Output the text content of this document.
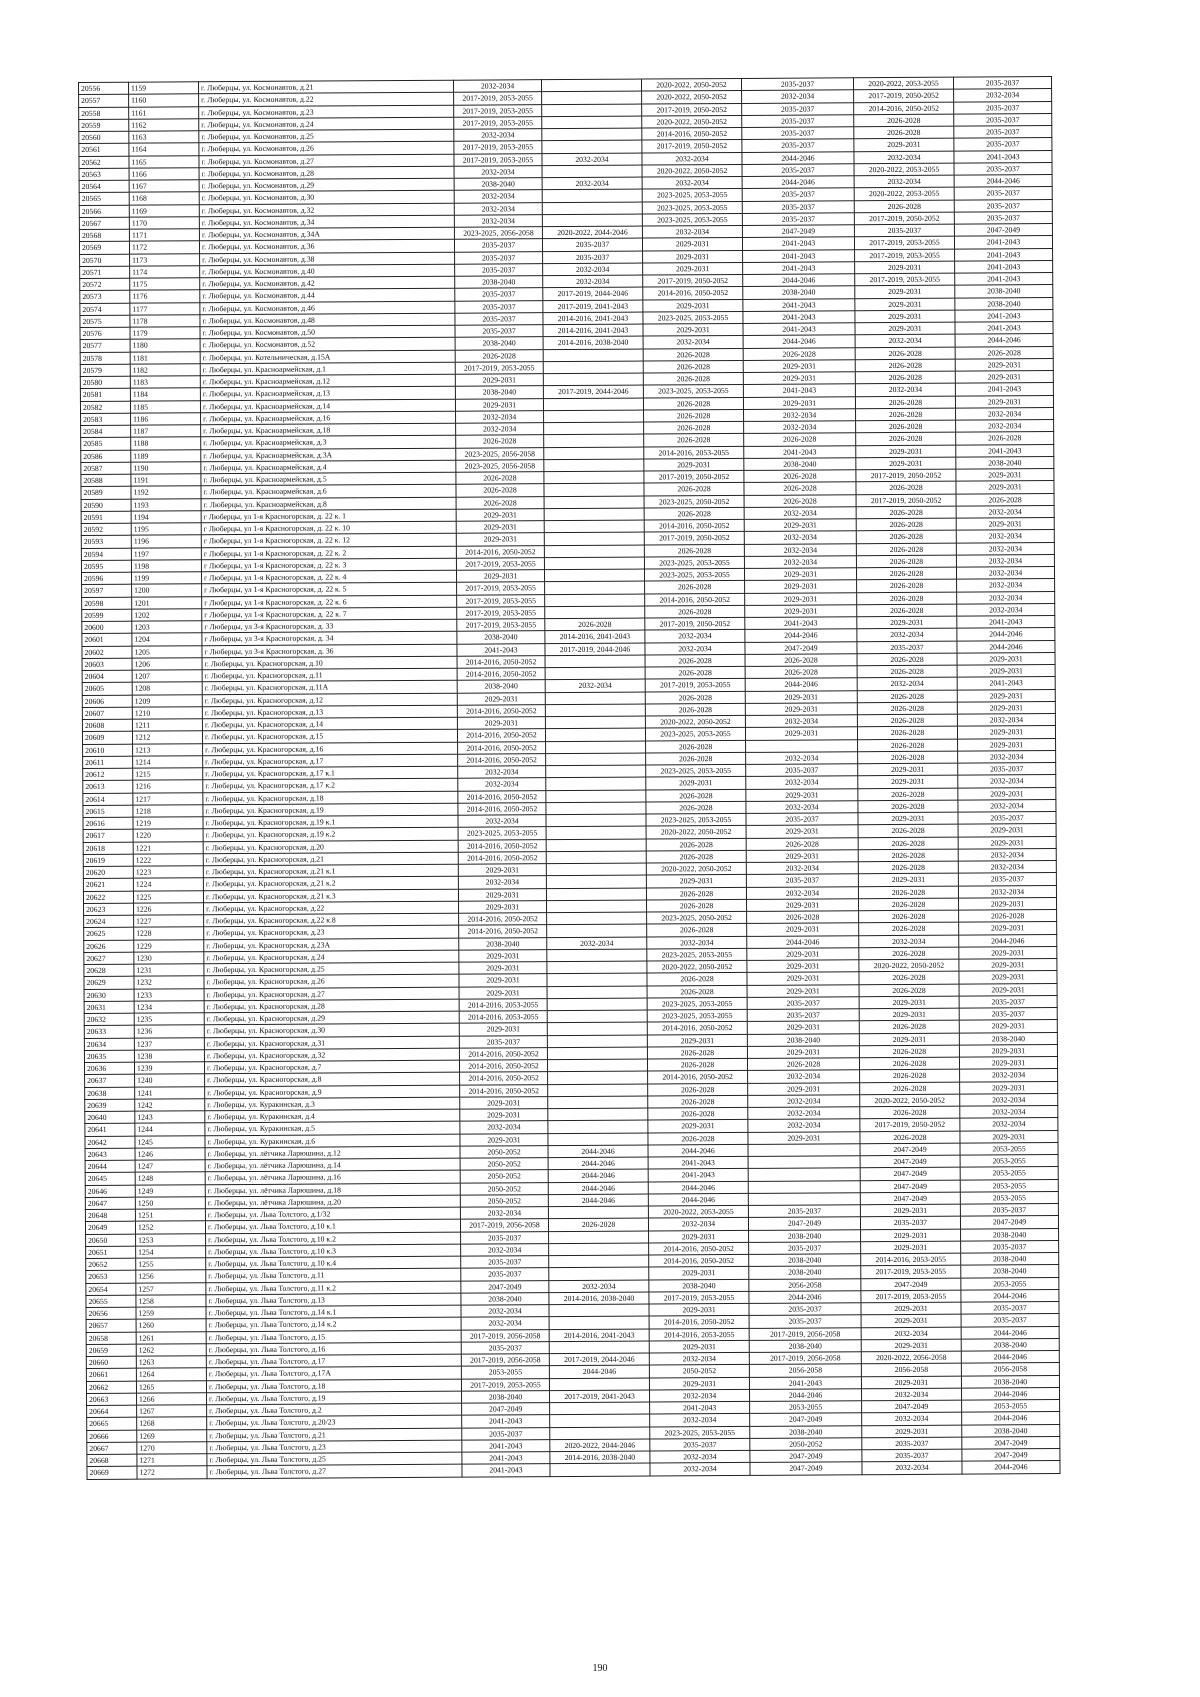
20556	1159	г. Люберцы, ул. Космонавтов, д.21	2032-2034		2020-2022, 2050-2052	2035-2037	2020-2022, 2053-2055	2035-2037
20557	1160	г. Люберцы, ул. Космонавтов, д.22	2017-2019, 2053-2055		2020-2022, 2050-2052	2032-2034	2017-2019, 2050-2052	2032-2034
20558	1161	г. Люберцы, ул. Космонавтов, д.23	2017-2019, 2053-2055		2017-2019, 2050-2052	2035-2037	2014-2016, 2050-2052	2035-2037
20559	1162	г. Люберцы, ул. Космонавтов, д.24	2017-2019, 2053-2055		2020-2022, 2050-2052	2035-2037	2026-2028	2035-2037
20560	1163	г. Люберцы, ул. Космонавтов, д.25	2032-2034		2014-2016, 2050-2052	2035-2037	2026-2028	2035-2037
20561	1164	г. Люберцы, ул. Космонавтов, д.26	2017-2019, 2053-2055		2017-2019, 2050-2052	2035-2037	2029-2031	2035-2037
20562	1165	г. Люберцы, ул. Космонавтов, д.27	2017-2019, 2053-2055	2032-2034	2032-2034	2044-2046	2032-2034	2041-2043
20563	1166	г. Люберцы, ул. Космонавтов, д.28	2032-2034		2020-2022, 2050-2052	2035-2037	2020-2022, 2053-2055	2035-2037
20564	1167	г. Люберцы, ул. Космонавтов, д.29	2038-2040	2032-2034	2032-2034	2044-2046	2032-2034	2044-2046
20565	1168	г. Люберцы, ул. Космонавтов, д.30	2032-2034		2023-2025, 2053-2055	2035-2037	2020-2022, 2053-2055	2035-2037
20566	1169	г. Люберцы, ул. Космонавтов, д.32	2032-2034		2023-2025, 2053-2055	2035-2037	2026-2028	2035-2037
20567	1170	г. Люберцы, ул. Космонавтов, д.34	2032-2034		2023-2025, 2053-2055	2035-2037	2017-2019, 2050-2052	2035-2037
20568	1171	г. Люберцы, ул. Космонавтов, д.34А	2023-2025, 2056-2058	2020-2022, 2044-2046	2032-2034	2047-2049	2035-2037	2047-2049
20569	1172	г. Люберцы, ул. Космонавтов, д.36	2035-2037	2035-2037	2029-2031	2041-2043	2017-2019, 2053-2055	2041-2043
20570	1173	г. Люберцы, ул. Космонавтов, д.38	2035-2037	2035-2037	2029-2031	2041-2043	2017-2019, 2053-2055	2041-2043
20571	1174	г. Люберцы, ул. Космонавтов, д.40	2035-2037	2032-2034	2029-2031	2041-2043	2029-2031	2041-2043
20572	1175	г. Люберцы, ул. Космонавтов, д.42	2038-2040	2032-2034	2017-2019, 2050-2052	2044-2046	2017-2019, 2053-2055	2041-2043
20573	1176	г. Люберцы, ул. Космонавтов, д.44	2035-2037	2017-2019, 2044-2046	2014-2016, 2050-2052	2038-2040	2029-2031	2038-2040
20574	1177	г. Люберцы, ул. Космонавтов, д.46	2035-2037	2017-2019, 2041-2043	2029-2031	2041-2043	2029-2031	2038-2040
20575	1178	г. Люберцы, ул. Космонавтов, д.48	2035-2037	2014-2016, 2041-2043	2023-2025, 2053-2055	2041-2043	2029-2031	2041-2043
20576	1179	г. Люберцы, ул. Космонавтов, д.50	2035-2037	2014-2016, 2041-2043	2029-2031	2041-2043	2029-2031	2041-2043
20577	1180	г. Люберцы, ул. Космонавтов, д.52	2038-2040	2014-2016, 2038-2040	2032-2034	2044-2046	2032-2034	2044-2046
20578	1181	г. Люберцы, ул. Котельническая, д.15А	2026-2028		2026-2028	2026-2028	2026-2028	2026-2028
20579	1182	г. Люберцы, ул. Красноармейская, д.1	2017-2019, 2053-2055		2026-2028	2029-2031	2026-2028	2029-2031
20580	1183	г. Люберцы, ул. Красноармейская, д.12	2029-2031		2026-2028	2029-2031	2026-2028	2029-2031
20581	1184	г. Люберцы, ул. Красноармейская, д.13	2038-2040	2017-2019, 2044-2046	2023-2025, 2053-2055	2041-2043	2032-2034	2041-2043
20582	1185	г. Люберцы, ул. Красноармейская, д.14	2029-2031		2026-2028	2029-2031	2026-2028	2029-2031
20583	1186	г. Люберцы, ул. Красноармейская, д.16	2032-2034		2026-2028	2032-2034	2026-2028	2032-2034
20584	1187	г. Люберцы, ул. Красноармейская, д.18	2032-2034		2026-2028	2032-2034	2026-2028	2032-2034
20585	1188	г. Люберцы, ул. Красноармейская, д.3	2026-2028		2026-2028	2026-2028	2026-2028	2026-2028
20586	1189	г. Люберцы, ул. Красноармейская, д.3А	2023-2025, 2056-2058		2014-2016, 2053-2055	2041-2043	2029-2031	2041-2043
20587	1190	г. Люберцы, ул. Красноармейская, д.4	2023-2025, 2056-2058		2029-2031	2038-2040	2029-2031	2038-2040
20588	1191	г. Люберцы, ул. Красноармейская, д.5	2026-2028		2017-2019, 2050-2052	2026-2028	2017-2019, 2050-2052	2029-2031
20589	1192	г. Люберцы, ул. Красноармейская, д.6	2026-2028		2026-2028	2026-2028	2026-2028	2029-2031
20590	1193	г. Люберцы, ул. Красноармейская, д.8	2026-2028		2023-2025, 2050-2052	2026-2028	2017-2019, 2050-2052	2026-2028
20591	1194	г Люберцы, ул 1-я Красногорская, д. 22 к. 1	2029-2031		2026-2028	2032-2034	2026-2028	2032-2034
20592	1195	г Люберцы, ул 1-я Красногорская, д. 22 к. 10	2029-2031		2014-2016, 2050-2052	2029-2031	2026-2028	2029-2031
20593	1196	г Люберцы, ул 1-я Красногорская, д. 22 к. 12	2029-2031		2017-2019, 2050-2052	2032-2034	2026-2028	2032-2034
20594	1197	г Люберцы, ул 1-я Красногорская, д. 22 к. 2	2014-2016, 2050-2052		2026-2028	2032-2034	2026-2028	2032-2034
20595	1198	г Люберцы, ул 1-я Красногорская, д. 22 к. 3	2017-2019, 2053-2055		2023-2025, 2053-2055	2032-2034	2026-2028	2032-2034
20596	1199	г Люберцы, ул 1-я Красногорская, д. 22 к. 4	2029-2031		2023-2025, 2053-2055	2029-2031	2026-2028	2032-2034
20597	1200	г Люберцы, ул 1-я Красногорская, д. 22 к. 5	2017-2019, 2053-2055		2026-2028	2029-2031	2026-2028	2032-2034
20598	1201	г Люберцы, ул 1-я Красногорская, д. 22 к. 6	2017-2019, 2053-2055		2014-2016, 2050-2052	2029-2031	2026-2028	2032-2034
20599	1202	г Люберцы, ул 1-я Красногорская, д. 22 к. 7	2017-2019, 2053-2055		2026-2028	2029-2031	2026-2028	2032-2034
20600	1203	г Люберцы, ул 3-я Красногорская, д. 33	2017-2019, 2053-2055	2026-2028	2017-2019, 2050-2052	2041-2043	2029-2031	2041-2043
20601	1204	г Люберцы, ул 3-я Красногорская, д. 34	2038-2040	2014-2016, 2041-2043	2032-2034	2044-2046	2032-2034	2044-2046
20602	1205	г Люберцы, ул 3-я Красногорская, д. 36	2041-2043	2017-2019, 2044-2046	2032-2034	2047-2049	2035-2037	2044-2046
20603	1206	г. Люберцы, ул. Красногорская, д.10	2014-2016, 2050-2052		2026-2028	2026-2028	2026-2028	2029-2031
20604	1207	г. Люберцы, ул. Красногорская, д.11	2014-2016, 2050-2052		2026-2028	2026-2028	2026-2028	2029-2031
20605	1208	г. Люберцы, ул. Красногорская, д.11А	2038-2040	2032-2034	2017-2019, 2053-2055	2044-2046	2032-2034	2041-2043
20606	1209	г. Люберцы, ул. Красногорская, д.12	2029-2031		2026-2028	2029-2031	2026-2028	2029-2031
20607	1210	г. Люберцы, ул. Красногорская, д.13	2014-2016, 2050-2052		2026-2028	2029-2031	2026-2028	2029-2031
20608	1211	г. Люберцы, ул. Красногорская, д.14	2029-2031		2020-2022, 2050-2052	2032-2034	2026-2028	2032-2034
20609	1212	г. Люберцы, ул. Красногорская, д.15	2014-2016, 2050-2052		2023-2025, 2053-2055	2029-2031	2026-2028	2029-2031
20610	1213	г. Люберцы, ул. Красногорская, д.16	2014-2016, 2050-2052		2026-2028		2026-2028	2029-2031
20611	1214	г. Люберцы, ул. Красногорская, д.17	2014-2016, 2050-2052		2026-2028	2032-2034	2026-2028	2032-2034
20612	1215	г. Люберцы, ул. Красногорская, д.17 к.1	2032-2034		2023-2025, 2053-2055	2035-2037	2029-2031	2035-2037
20613	1216	г. Люберцы, ул. Красногорская, д.17 к.2	2032-2034		2029-2031	2032-2034	2029-2031	2032-2034
20614	1217	г. Люберцы, ул. Красногорская, д.18	2014-2016, 2050-2052		2026-2028	2029-2031	2026-2028	2029-2031
20615	1218	г. Люберцы, ул. Красногорская, д.19	2014-2016, 2050-2052		2026-2028	2032-2034	2026-2028	2032-2034
20616	1219	г. Люберцы, ул. Красногорская, д.19 к.1	2032-2034		2023-2025, 2053-2055	2035-2037	2029-2031	2035-2037
20617	1220	г. Люберцы, ул. Красногорская, д.19 к.2	2023-2025, 2053-2055		2020-2022, 2050-2052	2029-2031	2026-2028	2029-2031
20618	1221	г. Люберцы, ул. Красногорская, д.20	2014-2016, 2050-2052		2026-2028	2026-2028	2026-2028	2029-2031
20619	1222	г. Люберцы, ул. Красногорская, д.21	2014-2016, 2050-2052		2026-2028	2029-2031	2026-2028	2032-2034
20620	1223	г. Люберцы, ул. Красногорская, д.21 к.1	2029-2031		2020-2022, 2050-2052	2032-2034	2026-2028	2032-2034
20621	1224	г. Люберцы, ул. Красногорская, д.21 к.2	2032-2034		2029-2031	2035-2037	2029-2031	2035-2037
20622	1225	г. Люберцы, ул. Красногорская, д.21 к.3	2029-2031		2026-2028	2032-2034	2026-2028	2032-2034
20623	1226	г. Люберцы, ул. Красногорская, д.22	2029-2031		2026-2028	2029-2031	2026-2028	2029-2031
20624	1227	г. Люберцы, ул. Красногорская, д.22 к.8	2014-2016, 2050-2052		2023-2025, 2050-2052	2026-2028	2026-2028	2026-2028
20625	1228	г. Люберцы, ул. Красногорская, д.23	2014-2016, 2050-2052		2026-2028	2029-2031	2026-2028	2029-2031
20626	1229	г. Люберцы, ул. Красногорская, д.23А	2038-2040	2032-2034	2032-2034	2044-2046	2032-2034	2044-2046
20627	1230	г. Люберцы, ул. Красногорская, д.24	2029-2031		2023-2025, 2053-2055	2029-2031	2026-2028	2029-2031
20628	1231	г. Люберцы, ул. Красногорская, д.25	2029-2031		2020-2022, 2050-2052	2029-2031	2020-2022, 2050-2052	2029-2031
20629	1232	г. Люберцы, ул. Красногорская, д.26	2029-2031		2026-2028	2029-2031	2026-2028	2029-2031
20630	1233	г. Люберцы, ул. Красногорская, д.27	2029-2031		2026-2028	2029-2031	2026-2028	2029-2031
20631	1234	г. Люберцы, ул. Красногорская, д.28	2014-2016, 2053-2055		2023-2025, 2053-2055	2035-2037	2029-2031	2035-2037
20632	1235	г. Люберцы, ул. Красногорская, д.29	2014-2016, 2053-2055		2023-2025, 2053-2055	2035-2037	2029-2031	2035-2037
20633	1236	г. Люберцы, ул. Красногорская, д.30	2029-2031		2014-2016, 2050-2052	2029-2031	2026-2028	2029-2031
20634	1237	г. Люберцы, ул. Красногорская, д.31	2035-2037		2029-2031	2038-2040	2029-2031	2038-2040
20635	1238	г. Люберцы, ул. Красногорская, д.32	2014-2016, 2050-2052		2026-2028	2029-2031	2026-2028	2029-2031
20636	1239	г. Люберцы, ул. Красногорская, д.7	2014-2016, 2050-2052		2026-2028	2026-2028	2026-2028	2029-2031
20637	1240	г. Люберцы, ул. Красногорская, д.8	2014-2016, 2050-2052		2014-2016, 2050-2052	2032-2034	2026-2028	2032-2034
20638	1241	г. Люберцы, ул. Красногорская, д.9	2014-2016, 2050-2052		2026-2028	2029-2031	2026-2028	2029-2031
20639	1242	г. Люберцы, ул. Куракинская, д.3	2029-2031		2026-2028	2032-2034	2020-2022, 2050-2052	2032-2034
20640	1243	г. Люберцы, ул. Куракинская, д.4	2029-2031		2026-2028	2032-2034	2026-2028	2032-2034
20641	1244	г. Люберцы, ул. Куракинская, д.5	2032-2034		2029-2031	2032-2034	2017-2019, 2050-2052	2032-2034
20642	1245	г. Люберцы, ул. Куракинская, д.6	2029-2031		2026-2028	2029-2031	2026-2028	2029-2031
20643	1246	г. Люберцы, ул. лётчика Ларюшина, д.12	2050-2052	2044-2046	2044-2046		2047-2049	2053-2055
20644	1247	г. Люберцы, ул. лётчика Ларюшина, д.14	2050-2052	2044-2046	2041-2043		2047-2049	2053-2055
20645	1248	г. Люберцы, ул. лётчика Ларюшина, д.16	2050-2052	2044-2046	2041-2043		2047-2049	2053-2055
20646	1249	г. Люберцы, ул. лётчика Ларюшина, д.18	2050-2052	2044-2046	2044-2046		2047-2049	2053-2055
20647	1250	г. Люберцы, ул. лётчика Ларюшина, д.20	2050-2052	2044-2046	2044-2046		2047-2049	2053-2055
20648	1251	г. Люберцы, ул. Льва Толстого, д.1/32	2032-2034		2020-2022, 2053-2055	2035-2037	2029-2031	2035-2037
20649	1252	г. Люберцы, ул. Льва Толстого, д.10 к.1	2017-2019, 2056-2058	2026-2028	2032-2034	2047-2049	2035-2037	2047-2049
20650	1253	г. Люберцы, ул. Льва Толстого, д.10 к.2	2035-2037		2029-2031	2038-2040	2029-2031	2038-2040
20651	1254	г. Люберцы, ул. Льва Толстого, д.10 к.3	2032-2034		2014-2016, 2050-2052	2035-2037	2029-2031	2035-2037
20652	1255	г. Люберцы, ул. Льва Толстого, д.10 к.4	2035-2037		2014-2016, 2050-2052	2038-2040	2014-2016, 2053-2055	2038-2040
20653	1256	г. Люберцы, ул. Льва Толстого, д.11	2035-2037		2029-2031	2038-2040	2017-2019, 2053-2055	2038-2040
20654	1257	г. Люберцы, ул. Льва Толстого, д.11 к.2	2047-2049	2032-2034	2038-2040	2056-2058	2047-2049	2053-2055
20655	1258	г. Люберцы, ул. Льва Толстого, д.13	2038-2040	2014-2016, 2038-2040	2017-2019, 2053-2055	2044-2046	2017-2019, 2053-2055	2044-2046
20656	1259	г. Люберцы, ул. Льва Толстого, д.14 к.1	2032-2034		2029-2031	2035-2037	2029-2031	2035-2037
20657	1260	г. Люберцы, ул. Льва Толстого, д.14 к.2	2032-2034		2014-2016, 2050-2052	2035-2037	2029-2031	2035-2037
20658	1261	г. Люберцы, ул. Льва Толстого, д.15	2017-2019, 2056-2058	2014-2016, 2041-2043	2014-2016, 2053-2055	2017-2019, 2056-2058	2032-2034	2044-2046
20659	1262	г. Люберцы, ул. Льва Толстого, д.16	2035-2037		2029-2031	2038-2040	2029-2031	2038-2040
20660	1263	г. Люберцы, ул. Льва Толстого, д.17	2017-2019, 2056-2058	2017-2019, 2044-2046	2032-2034	2017-2019, 2056-2058	2020-2022, 2056-2058	2044-2046
20661	1264	г. Люберцы, ул. Льва Толстого, д.17А	2053-2055	2044-2046	2050-2052	2056-2058	2056-2058	2056-2058
20662	1265	г. Люберцы, ул. Льва Толстого, д.18	2017-2019, 2053-2055		2029-2031	2041-2043	2029-2031	2038-2040
20663	1266	г. Люберцы, ул. Льва Толстого, д.19	2038-2040	2017-2019, 2041-2043	2032-2034	2044-2046	2032-2034	2044-2046
20664	1267	г. Люберцы, ул. Льва Толстого, д.2	2047-2049		2041-2043	2053-2055	2047-2049	2053-2055
20665	1268	г. Люберцы, ул. Льва Толстого, д.20/23	2041-2043		2032-2034	2047-2049	2032-2034	2044-2046
20666	1269	г. Люберцы, ул. Льва Толстого, д.21	2035-2037		2023-2025, 2053-2055	2038-2040	2029-2031	2038-2040
20667	1270	г. Люберцы, ул. Льва Толстого, д.23	2041-2043	2020-2022, 2044-2046	2035-2037	2050-2052	2035-2037	2047-2049
20668	1271	г. Люберцы, ул. Льва Толстого, д.25	2041-2043	2014-2016, 2038-2040	2032-2034	2047-2049	2035-2037	2047-2049
20669	1272	г. Люберцы, ул. Льва Толстого, д.27	2041-2043		2032-2034	2047-2049	2032-2034	2044-2046
190
